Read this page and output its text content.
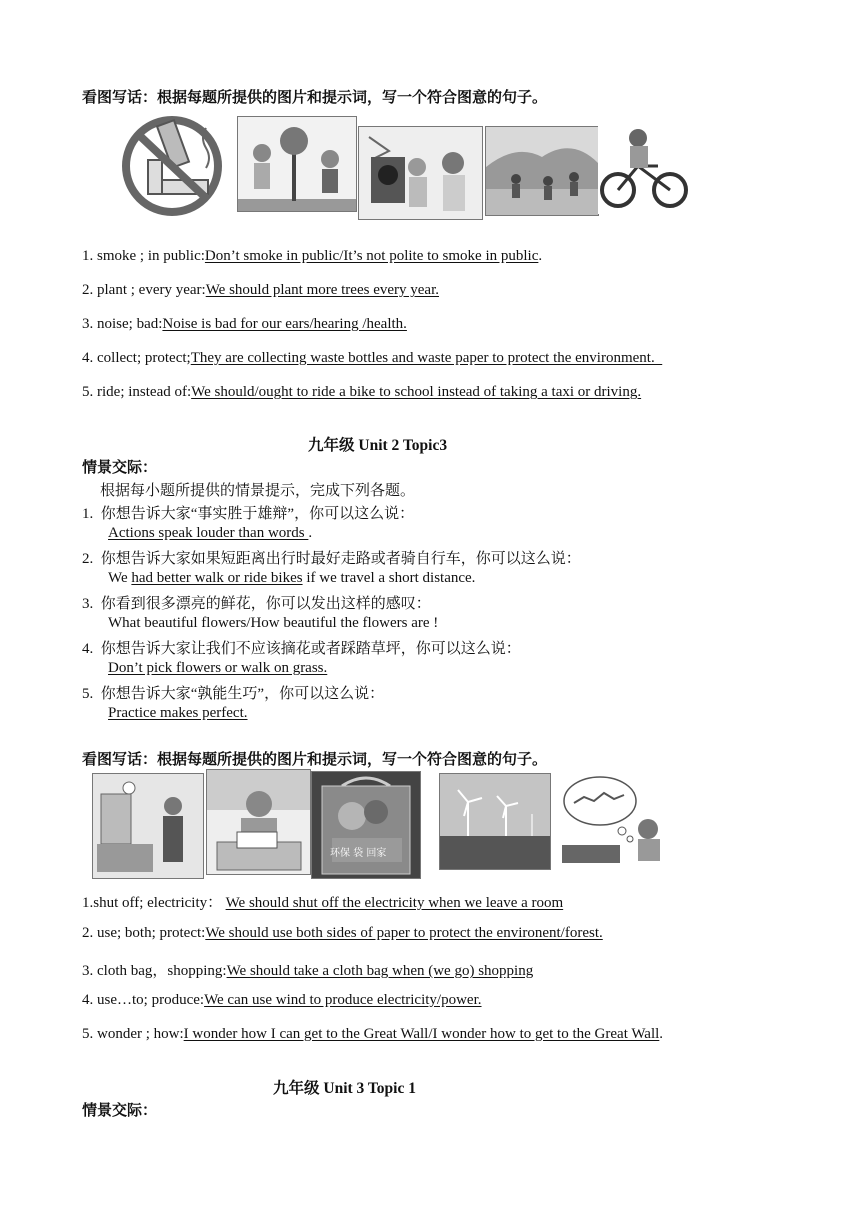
看图写话：根据每题所提供的图片和提示词，写一个符合图意的句子。
1. smoke ; in public:Don’t smoke in public/It’s not polite to smoke in public.
2. plant ; every year:We should plant more trees every year.
3. noise; bad:Noise is bad for our ears/hearing /health.
4. collect; protect;They are collecting waste bottles and waste paper to protect the environment.
5. ride; instead of:We should/ought to ride a bike to school instead of taking a taxi or driving.
九年级 Unit 2 Topic3
情景交际：
根据每小题所提供的情景提示，完成下列各题。
1. 你想告诉大家“事实胜于雄辩”，你可以这么说：
Actions speak louder than words .
2. 你想告诉大家如果短距离出行时最好走路或者骑自行车，你可以这么说：
We had better walk or ride bikes if we travel a short distance.
3. 你看到很多漂亮的鲜花，你可以发出这样的感叹：
What beautiful flowers/How beautiful the flowers are !
4. 你想告诉大家让我们不应该摘花或者踩踏草坪，你可以这么说：
Don’t pick flowers or walk on grass.
5. 你想告诉大家“孰能生巧”，你可以这么说：
Practice makes perfect.
看图写话：根据每题所提供的图片和提示词，写一个符合图意的句子。
环保 袋 回家
1.shut off; electricity： We should shut off the electricity when we leave a room
2. use; both; protect:We should use both sides of paper to protect the environent/forest.
3. cloth bag，shopping:We should take a cloth bag when (we go) shopping
4. use…to; produce:We can use wind to produce electricity/power.
5. wonder ; how:I wonder how I can get to the Great Wall/I wonder how to get to the Great Wall.
九年级 Unit 3 Topic 1
情景交际：
